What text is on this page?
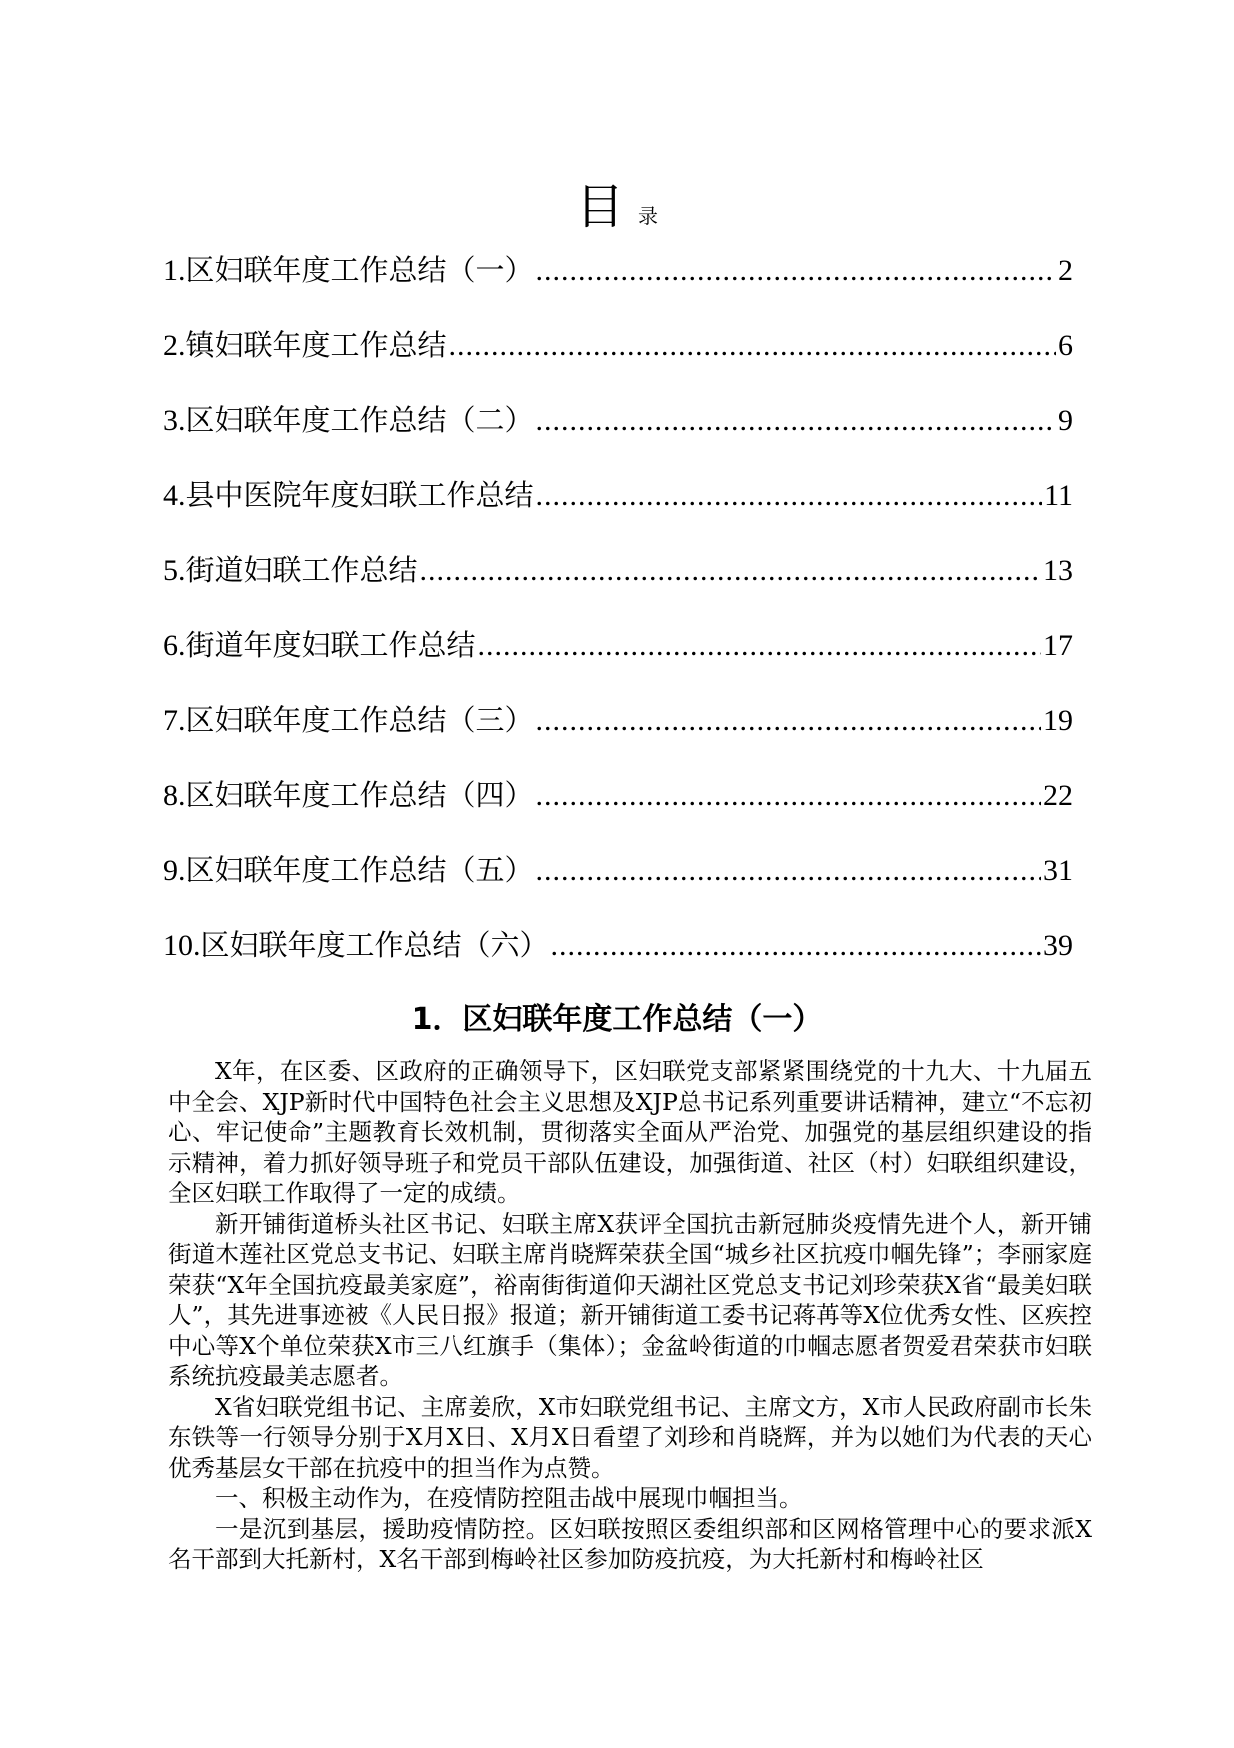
目录
1. 区妇联年度工作总结（一） .....	2
2. 镇妇联年度工作总结 .....	6
3. 区妇联年度工作总结（二） .....	9
4. 县中医院年度妇联工作总结 .....	11
5. 街道妇联工作总结 .....	13
6. 街道年度妇联工作总结 .....	17
7. 区妇联年度工作总结（三） .....	19
8. 区妇联年度工作总结（四） .....	22
9. 区妇联年度工作总结（五） .....	31
10. 区妇联年度工作总结（六） .....	39
1．区妇联年度工作总结（一）

X年，在区委、区政府的正确领导下，区妇联党支部紧紧围绕党的十九大、十九届五中全会、XJP新时代中国特色社会主义思想及XJP总书记系列重要讲话精神，建立“不忘初心、牢记使命”主题教育长效机制，贯彻落实全面从严治党、加强党的基层组织建设的指示精神，着力抓好领导班子和党员干部队伍建设，加强街道、社区（村）妇联组织建设，全区妇联工作取得了一定的成绩。

新开铺街道桥头社区书记、妇联主席X获评全国抗击新冠肺炎疫情先进个人，新开铺街道木莲社区党总支书记、妇联主席肖晓辉荣获全国“城乡社区抗疫巾帼先锋”；李丽家庭荣获“X年全国抗疫最美家庭”，裕南街街道仰天湖社区党总支书记刘珍荣获X省“最美妇联人”，其先进事迹被《人民日报》报道；新开铺街道工委书记蒋苒等X位优秀女性、区疾控中心等X个单位荣获X市三八红旗手（集体）；金盆岭街道的巾帼志愿者贺爱君荣获市妇联系统抗疫最美志愿者。

X省妇联党组书记、主席姜欣，X市妇联党组书记、主席文方，X市人民政府副市长朱东铁等一行领导分别于X月X日、X月X日看望了刘珍和肖晓辉，并为以她们为代表的天心优秀基层女干部在抗疫中的担当作为点赞。

一、积极主动作为，在疫情防控阻击战中展现巾帼担当。

一是沉到基层，援助疫情防控。区妇联按照区委组织部和区网格管理中心的要求派X名干部到大托新村，X名干部到梅岭社区参加防疫抗疫，为大托新村和梅岭社区
